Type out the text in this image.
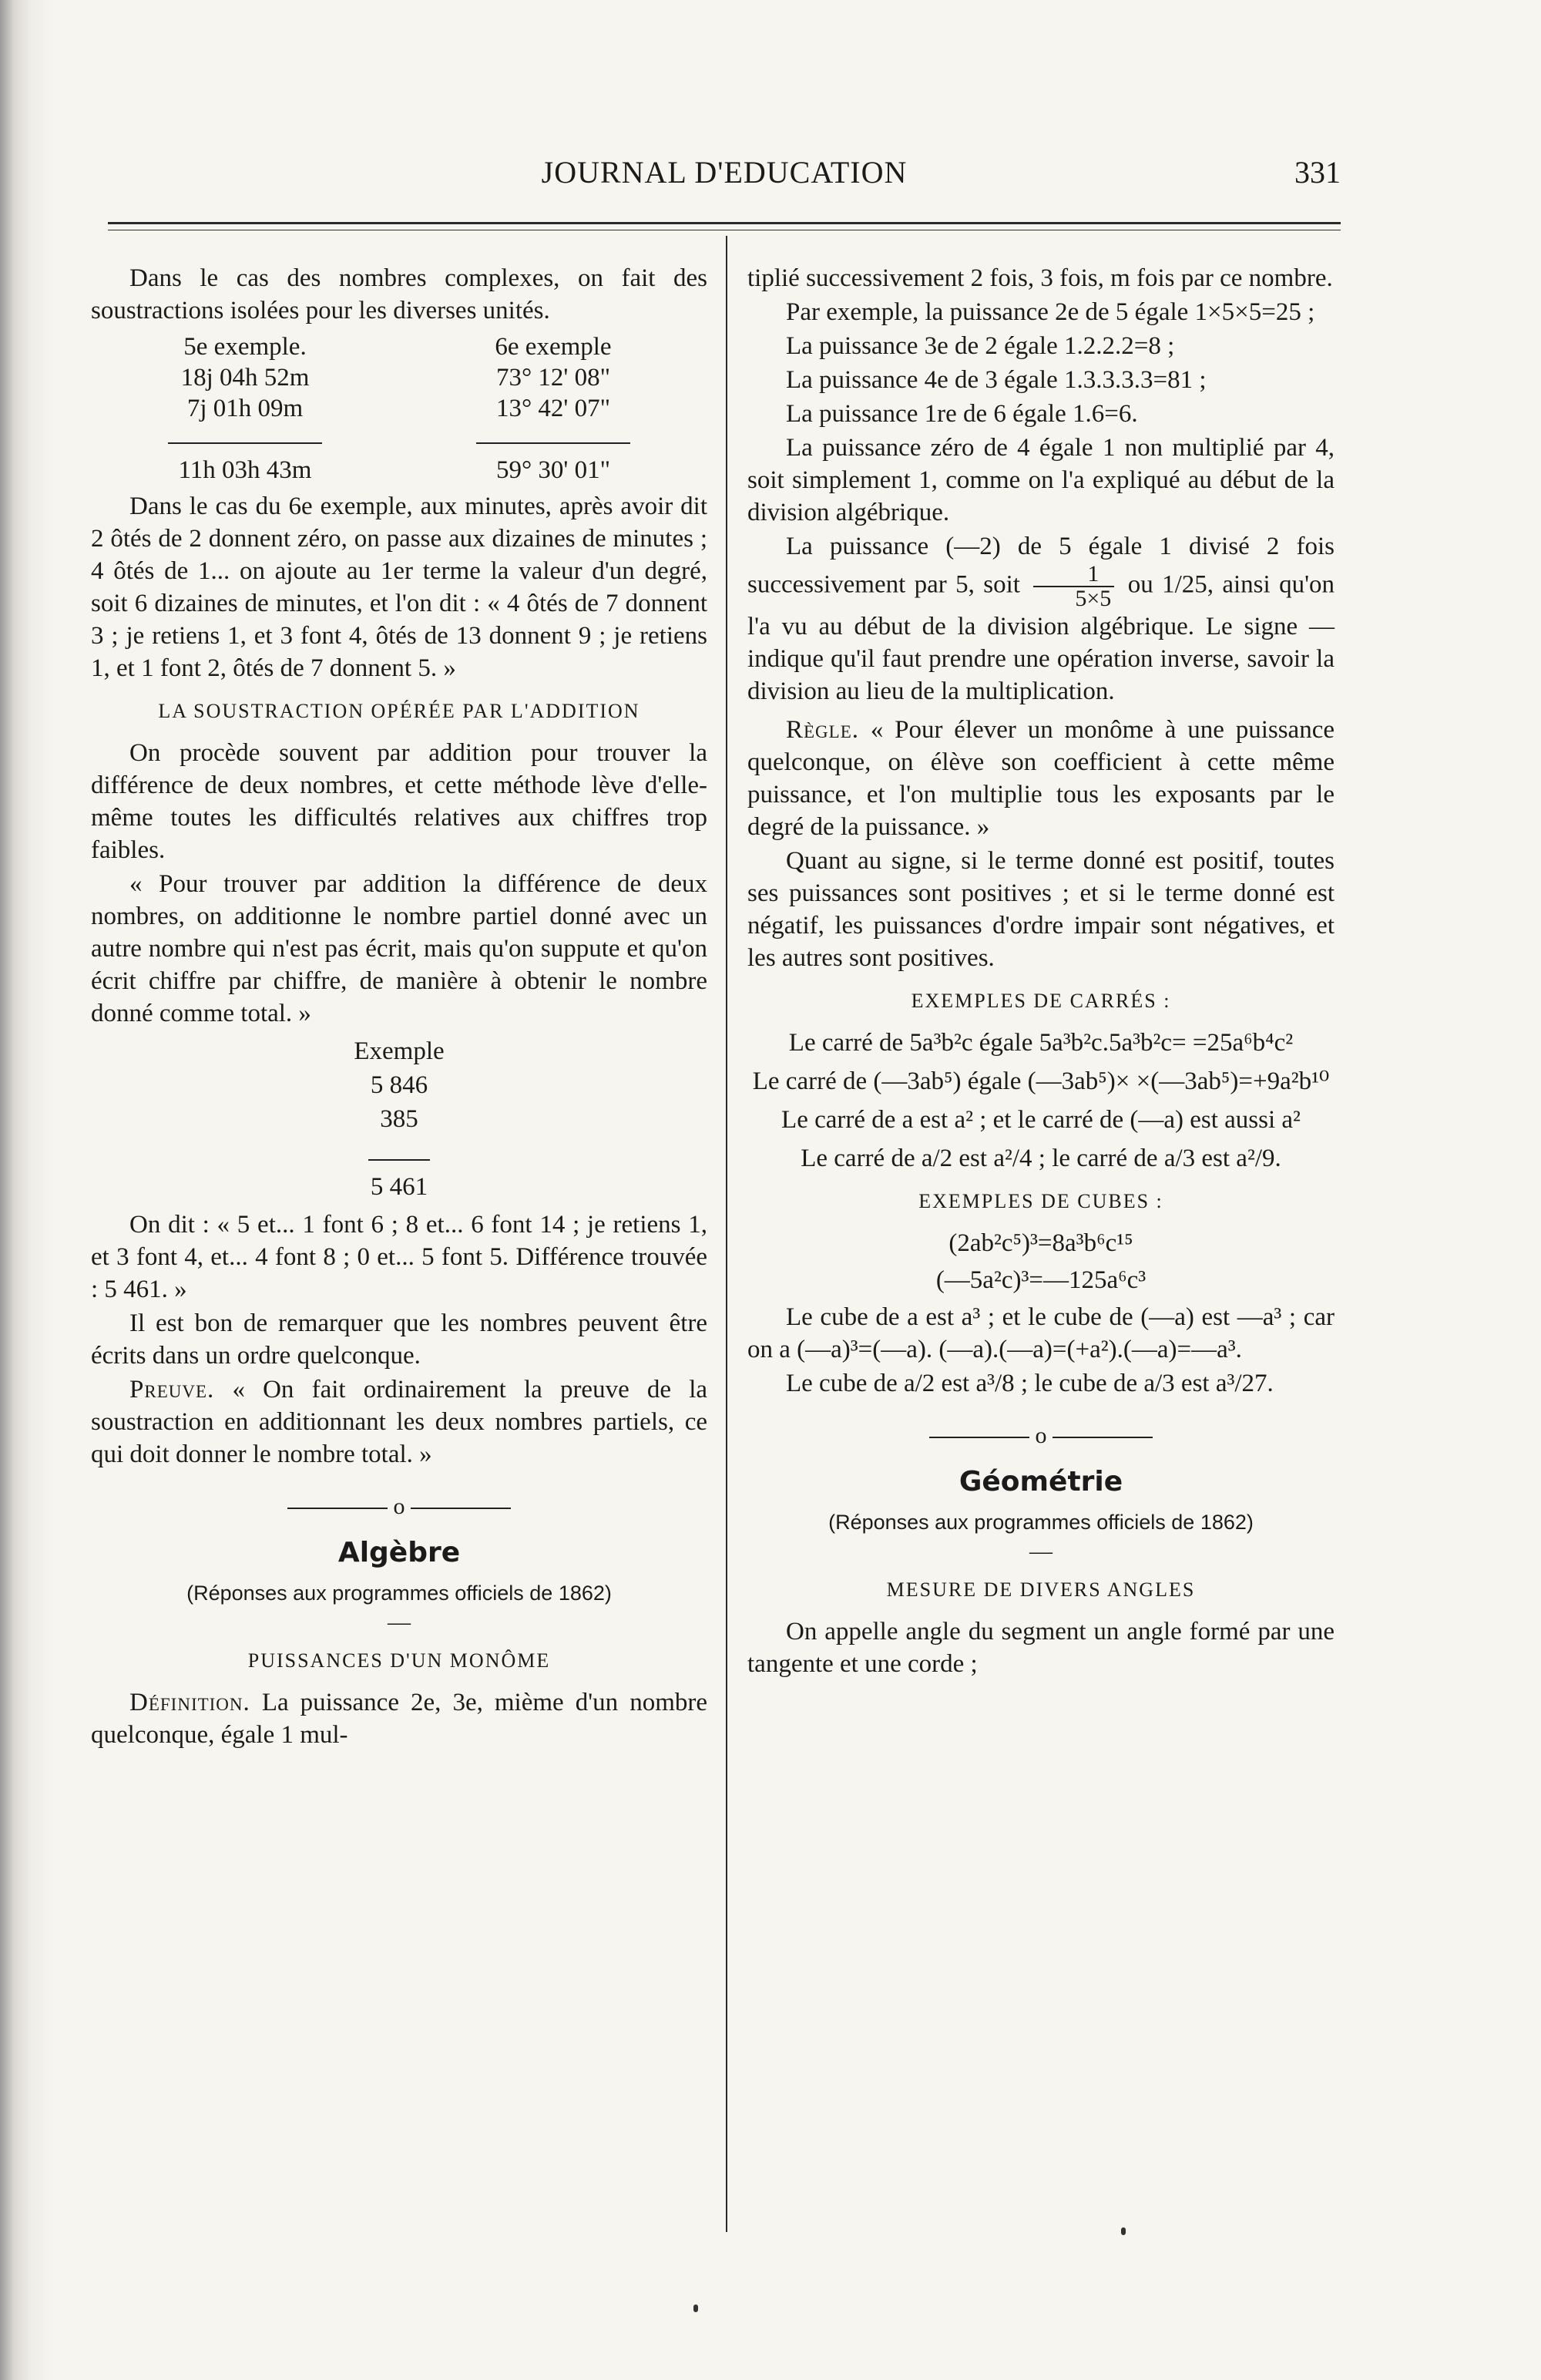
JOURNAL D'EDUCATION	331

Dans le cas des nombres complexes, on fait des soustractions isolées pour les diverses unités.

5e exemple.	6e exemple
18j 04h 52m	73° 12' 08"
7j 01h 09m	13° 42' 07"

11h 03h 43m	59° 30' 01"

Dans le cas du 6e exemple, aux minutes, après avoir dit 2 ôtés de 2 donnent zéro, on passe aux dizaines de minutes ; 4 ôtés de 1... on ajoute au 1er terme la valeur d'un degré, soit 6 dizaines de minutes, et l'on dit : « 4 ôtés de 7 donnent 3 ; je retiens 1, et 3 font 4, ôtés de 13 donnent 9 ; je retiens 1, et 1 font 2, ôtés de 7 donnent 5. »

LA SOUSTRACTION OPÉRÉE PAR L'ADDITION

On procède souvent par addition pour trouver la différence de deux nombres, et cette méthode lève d'elle-même toutes les difficultés relatives aux chiffres trop faibles.

« Pour trouver par addition la différence de deux nombres, on additionne le nombre partiel donné avec un autre nombre qui n'est pas écrit, mais qu'on suppute et qu'on écrit chiffre par chiffre, de manière à obtenir le nombre donné comme total. »

Exemple
5 846
385
5 461

On dit : « 5 et... 1 font 6 ; 8 et... 6 font 14 ; je retiens 1, et 3 font 4, et... 4 font 8 ; 0 et... 5 font 5. Différence trouvée : 5 461. »

Il est bon de remarquer que les nombres peuvent être écrits dans un ordre quelconque.

Preuve. « On fait ordinairement la preuve de la soustraction en additionnant les deux nombres partiels, ce qui doit donner le nombre total. »

o
Algèbre
(Réponses aux programmes officiels de 1862)
—
PUISSANCES D'UN MONÔME

Définition. La puissance 2e, 3e, mième d'un nombre quelconque, égale 1 mul-

tiplié successivement 2 fois, 3 fois, m fois par ce nombre.

Par exemple, la puissance 2e de 5 égale 1×5×5=25 ;

La puissance 3e de 2 égale 1.2.2.2=8 ;

La puissance 4e de 3 égale 1.3.3.3.3=81 ;

La puissance 1re de 6 égale 1.6=6.

La puissance zéro de 4 égale 1 non multiplié par 4, soit simplement 1, comme on l'a expliqué au début de la division algébrique.

La puissance (—2) de 5 égale 1 divisé 2 fois successivement par 5, soit $\frac{1}{5\times 5}$ ou 1/25, ainsi qu'on l'a vu au début de la division algébrique. Le signe — indique qu'il faut prendre une opération inverse, savoir la division au lieu de la multiplication.

Règle. « Pour élever un monôme à une puissance quelconque, on élève son coefficient à cette même puissance, et l'on multiplie tous les exposants par le degré de la puissance. »

Quant au signe, si le terme donné est positif, toutes ses puissances sont positives ; et si le terme donné est négatif, les puissances d'ordre impair sont négatives, et les autres sont positives.

EXEMPLES DE CARRÉS :

Le carré de 5a³b²c égale 5a³b²c.5a³b²c= =25a⁶b⁴c²

Le carré de (—3ab⁵) égale (—3ab⁵)× ×(—3ab⁵)=+9a²b¹⁰

Le carré de a est a² ; et le carré de (—a) est aussi a²

Le carré de a/2 est a²/4 ; le carré de a/3 est a²/9.

EXEMPLES DE CUBES :
(2ab²c⁵)³=8a³b⁶c¹⁵
(—5a²c)³=—125a⁶c³

Le cube de a est a³ ; et le cube de (—a) est —a³ ; car on a (—a)³=(—a). (—a).(—a)=(+a²).(—a)=—a³.

Le cube de a/2 est a³/8 ; le cube de a/3 est a³/27.

o
Géométrie
(Réponses aux programmes officiels de 1862)
—
MESURE DE DIVERS ANGLES

On appelle angle du segment un angle formé par une tangente et une corde ;
